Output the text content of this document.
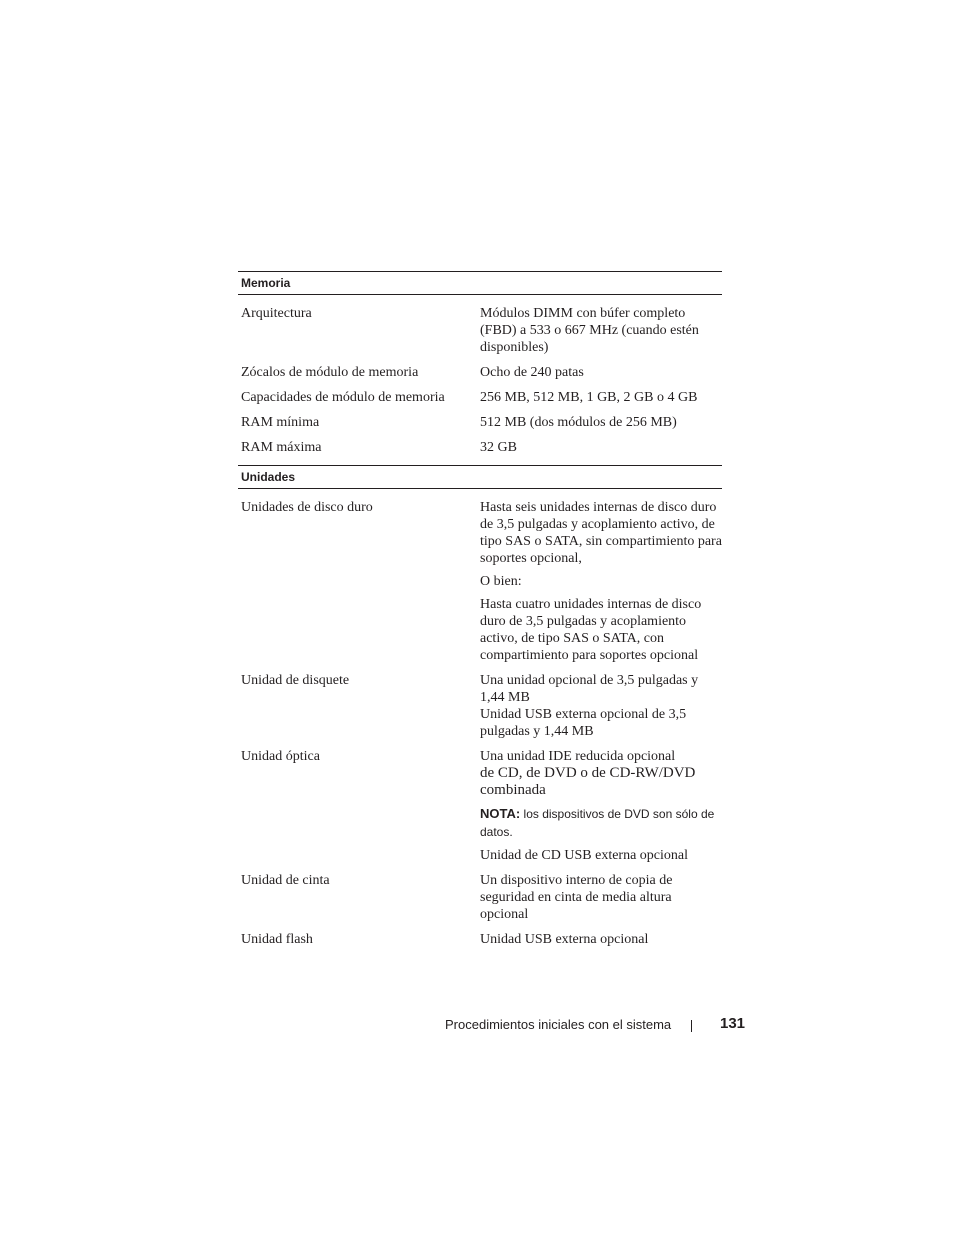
Memoria
Arquitectura	Módulos DIMM con búfer completo (FBD) a 533 o 667 MHz (cuando estén disponibles)

Zócalos de módulo de memoria	Ocho de 240 patas

Capacidades de módulo de memoria	256 MB, 512 MB, 1 GB, 2 GB o 4 GB

RAM mínima	512 MB (dos módulos de 256 MB)

RAM máxima	32 GB

Unidades
Unidades de disco duro	Hasta seis unidades internas de disco duro de 3,5 pulgadas y acoplamiento activo, de tipo SAS o SATA, sin compartimiento para soportes opcional,

O bien:

Hasta cuatro unidades internas de disco duro de 3,5 pulgadas y acoplamiento activo, de tipo SAS o SATA, con compartimiento para soportes opcional

Unidad de disquete	Una unidad opcional de 3,5 pulgadas y 1,44 MB

Unidad USB externa opcional de 3,5 pulgadas y 1,44 MB

Unidad óptica	Una unidad IDE reducida opcional

de CD, de DVD o de CD-RW/DVD combinada

NOTA: los dispositivos de DVD son sólo de datos.

Unidad de CD USB externa opcional

Unidad de cinta	Un dispositivo interno de copia de seguridad en cinta de media altura opcional

Unidad flash	Unidad USB externa opcional

Procedimientos iniciales con el sistema	131
